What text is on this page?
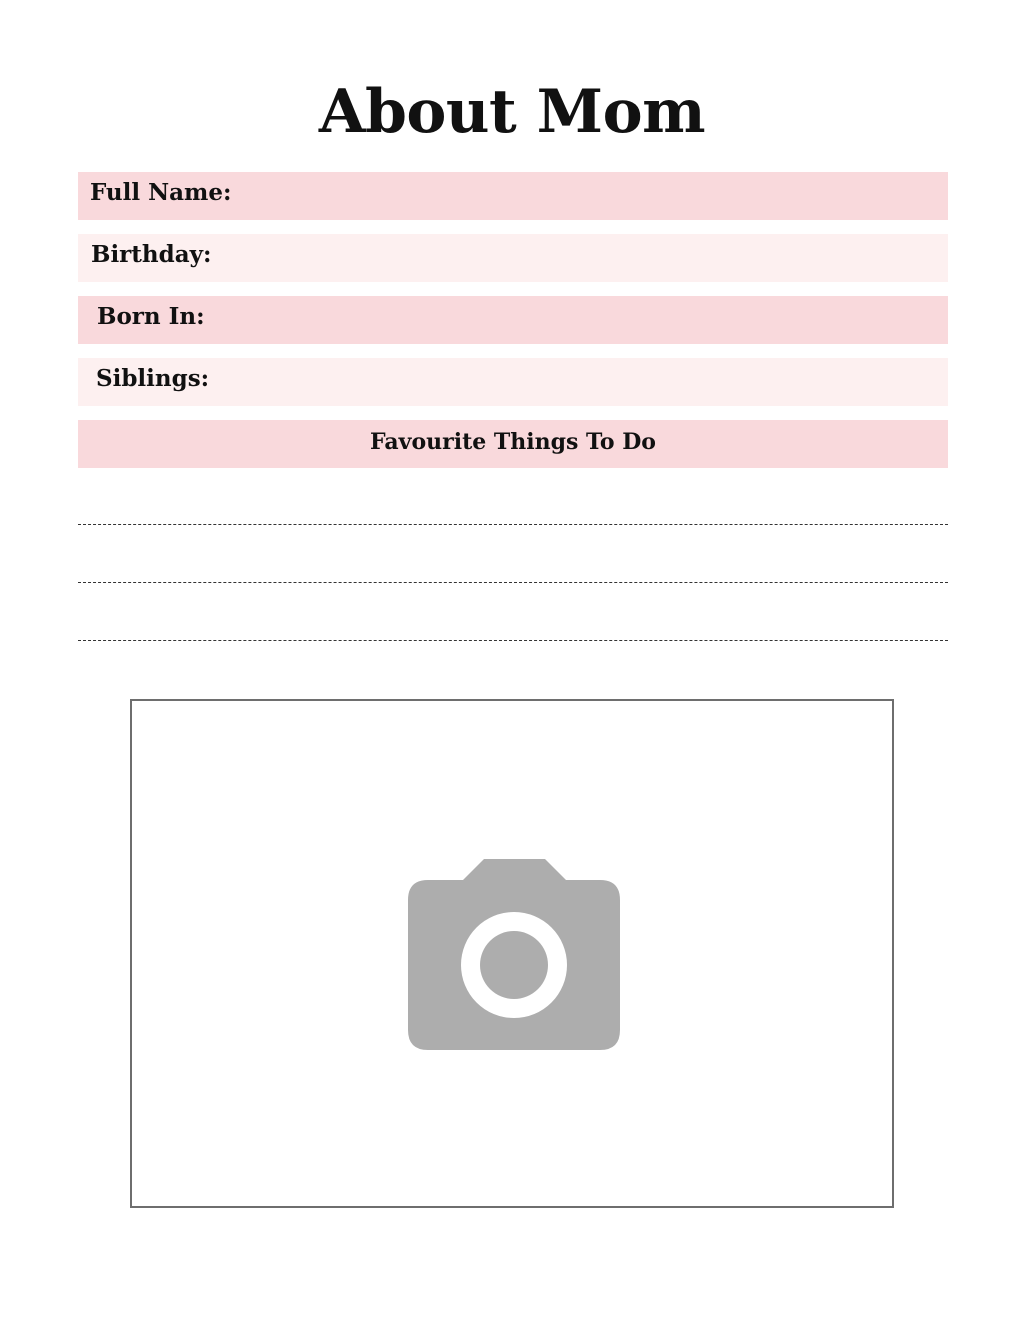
About Mom
Full Name:
Birthday:
Born In:
Siblings:
Favourite Things To Do
